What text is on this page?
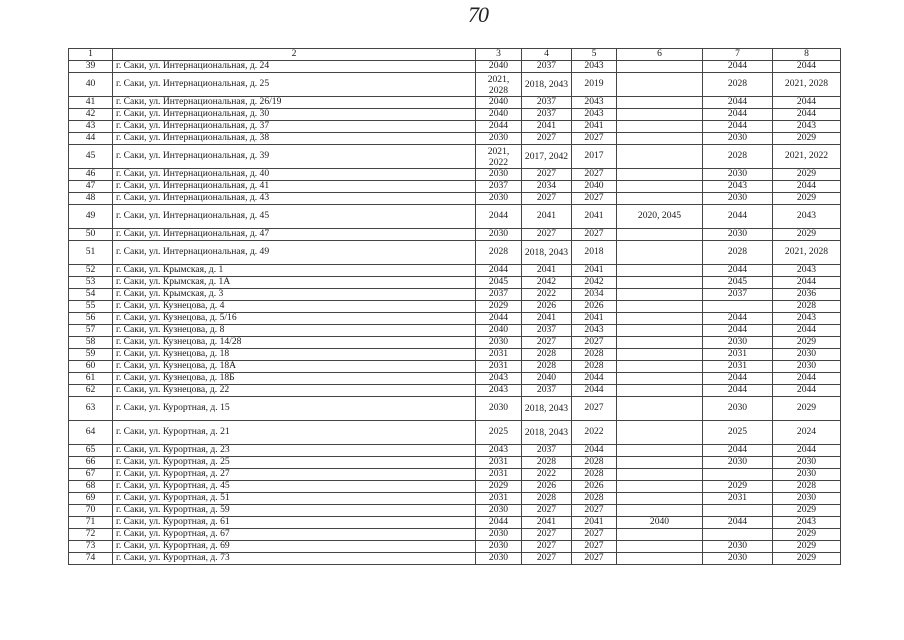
70
1	2	3	4	5	6	7	8
39	г. Саки, ул. Интернациональная, д. 24	2040	2037	2043		2044	2044
40	г. Саки, ул. Интернациональная, д. 25	2021, 2028	2018, 2043	2019		2028	2021, 2028
41	г. Саки, ул. Интернациональная, д. 26/19	2040	2037	2043		2044	2044
42	г. Саки, ул. Интернациональная, д. 30	2040	2037	2043		2044	2044
43	г. Саки, ул. Интернациональная, д. 37	2044	2041	2041		2044	2043
44	г. Саки, ул. Интернациональная, д. 38	2030	2027	2027		2030	2029
45	г. Саки, ул. Интернациональная, д. 39	2021, 2022	2017, 2042	2017		2028	2021, 2022
46	г. Саки, ул. Интернациональная, д. 40	2030	2027	2027		2030	2029
47	г. Саки, ул. Интернациональная, д. 41	2037	2034	2040		2043	2044
48	г. Саки, ул. Интернациональная, д. 43	2030	2027	2027		2030	2029
49	г. Саки, ул. Интернациональная, д. 45	2044	2041	2041	2020, 2045	2044	2043
50	г. Саки, ул. Интернациональная, д. 47	2030	2027	2027		2030	2029
51	г. Саки, ул. Интернациональная, д. 49	2028	2018, 2043	2018		2028	2021, 2028
52	г. Саки, ул. Крымская, д. 1	2044	2041	2041		2044	2043
53	г. Саки, ул. Крымская, д. 1А	2045	2042	2042		2045	2044
54	г. Саки, ул. Крымская, д. 3	2037	2022	2034		2037	2036
55	г. Саки, ул. Кузнецова, д. 4	2029	2026	2026			2028
56	г. Саки, ул. Кузнецова, д. 5/16	2044	2041	2041		2044	2043
57	г. Саки, ул. Кузнецова, д. 8	2040	2037	2043		2044	2044
58	г. Саки, ул. Кузнецова, д. 14/28	2030	2027	2027		2030	2029
59	г. Саки, ул. Кузнецова, д. 18	2031	2028	2028		2031	2030
60	г. Саки, ул. Кузнецова, д. 18А	2031	2028	2028		2031	2030
61	г. Саки, ул. Кузнецова, д. 18Б	2043	2040	2044		2044	2044
62	г. Саки, ул. Кузнецова, д. 22	2043	2037	2044		2044	2044
63	г. Саки, ул. Курортная, д. 15	2030	2018, 2043	2027		2030	2029
64	г. Саки, ул. Курортная, д. 21	2025	2018, 2043	2022		2025	2024
65	г. Саки, ул. Курортная, д. 23	2043	2037	2044		2044	2044
66	г. Саки, ул. Курортная, д. 25	2031	2028	2028		2030	2030
67	г. Саки, ул. Курортная, д. 27	2031	2022	2028			2030
68	г. Саки, ул. Курортная, д. 45	2029	2026	2026		2029	2028
69	г. Саки, ул. Курортная, д. 51	2031	2028	2028		2031	2030
70	г. Саки, ул. Курортная, д. 59	2030	2027	2027			2029
71	г. Саки, ул. Курортная, д. 61	2044	2041	2041	2040	2044	2043
72	г. Саки, ул. Курортная, д. 67	2030	2027	2027			2029
73	г. Саки, ул. Курортная, д. 69	2030	2027	2027		2030	2029
74	г. Саки, ул. Курортная, д. 73	2030	2027	2027		2030	2029
